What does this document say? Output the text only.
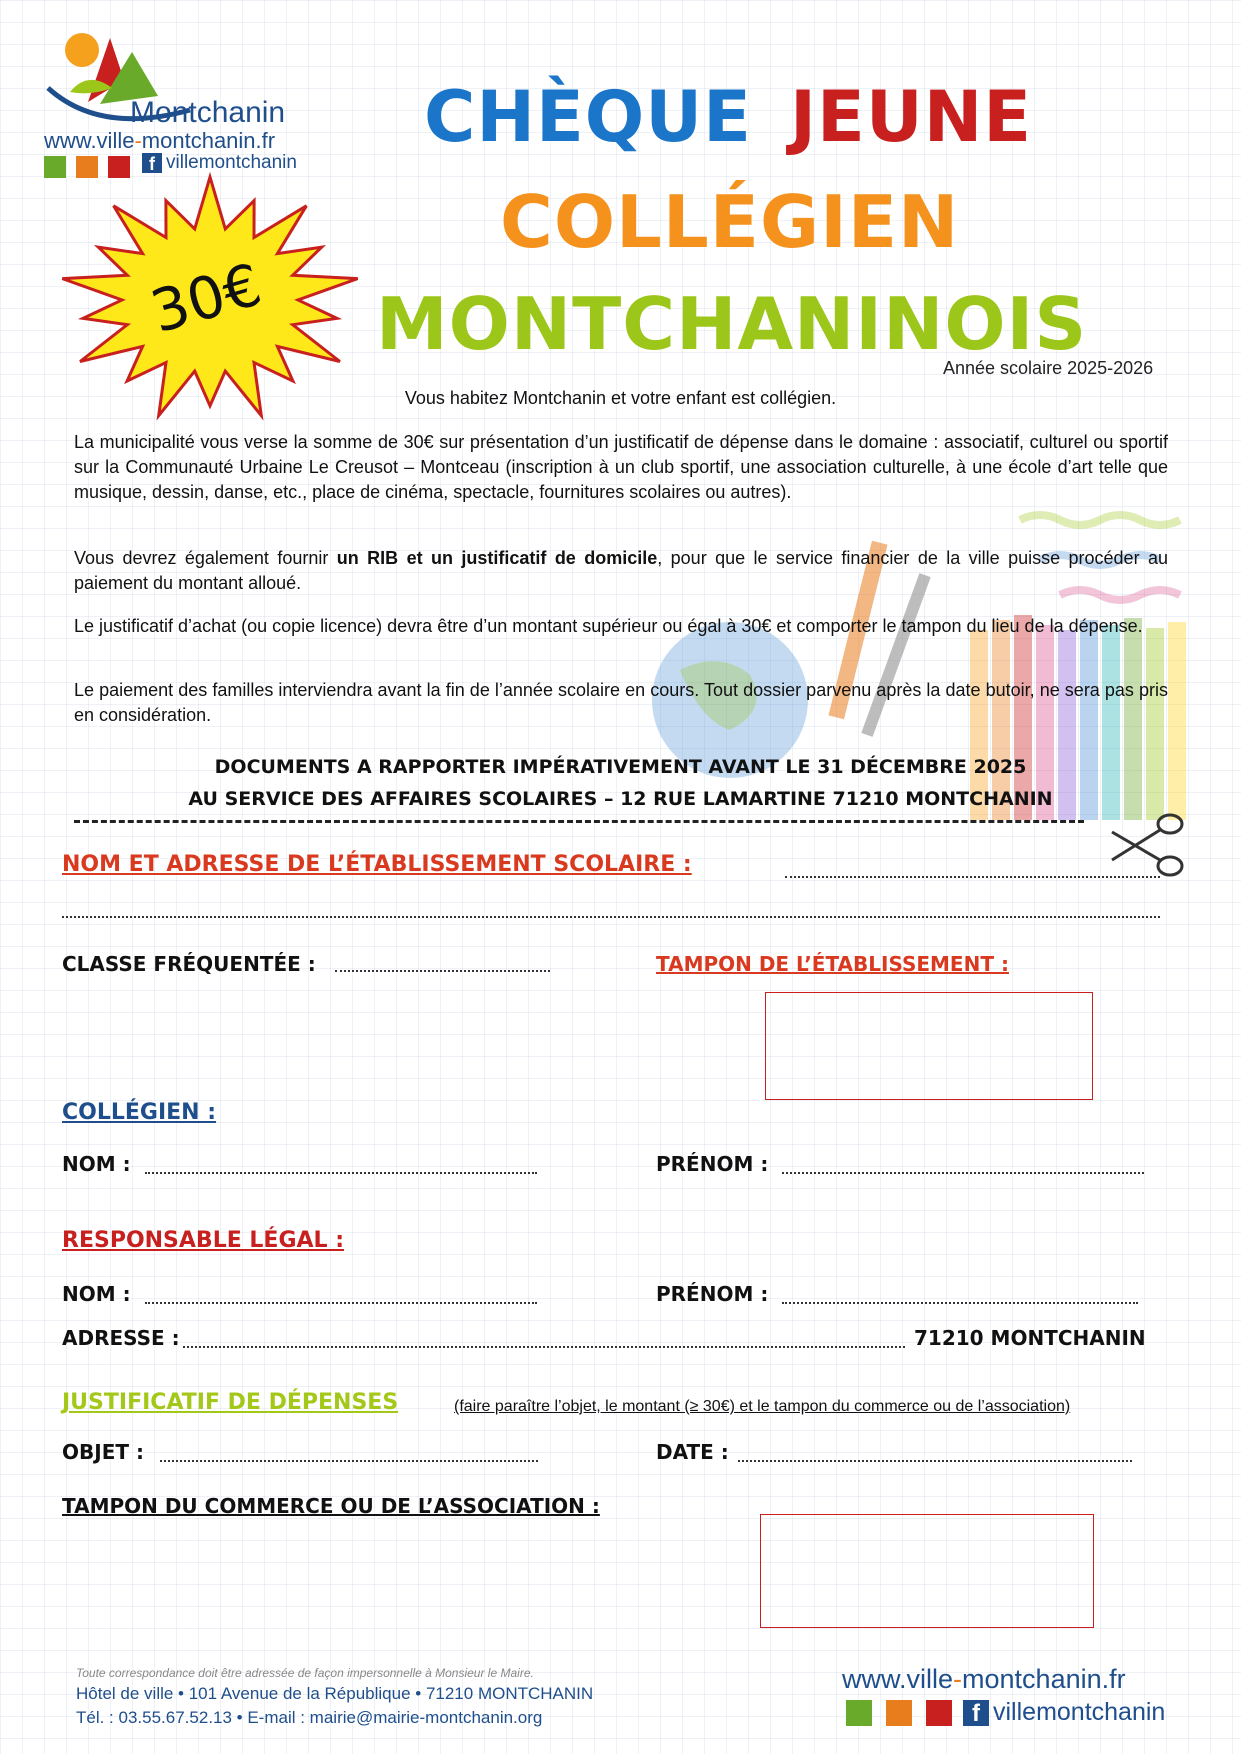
Montchanin
www.ville-montchanin.fr
f villemontchanin
CHÈQUE JEUNE
COLLÉGIEN
MONTCHANINOIS
Année scolaire 2025-2026
30€
Vous habitez Montchanin et votre enfant est collégien.
La municipalité vous verse la somme de 30€ sur présentation d’un justificatif de dépense dans le domaine : associatif, culturel ou sportif sur la Communauté Urbaine Le Creusot – Montceau (inscription à un club sportif, une association culturelle, à une école d’art telle que musique, dessin, danse, etc., place de cinéma, spectacle, fournitures scolaires ou autres).
Vous devrez également fournir un RIB et un justificatif de domicile, pour que le service financier de la ville puisse procéder au paiement du montant alloué.
Le justificatif d’achat (ou copie licence) devra être d’un montant supérieur ou égal à 30€ et comporter le tampon du lieu de la dépense.
Le paiement des familles interviendra avant la fin de l’année scolaire en cours. Tout dossier parvenu après la date butoir, ne sera pas pris en considération.
DOCUMENTS A RAPPORTER IMPÉRATIVEMENT AVANT LE 31 DÉCEMBRE 2025
AU SERVICE DES AFFAIRES SCOLAIRES – 12 RUE LAMARTINE 71210 MONTCHANIN
NOM ET ADRESSE DE L’ÉTABLISSEMENT SCOLAIRE :
CLASSE FRÉQUENTÉE :	TAMPON DE L’ÉTABLISSEMENT :
COLLÉGIEN :
NOM :	PRÉNOM :
RESPONSABLE LÉGAL :
NOM :	PRÉNOM :
ADRESSE :	71210 MONTCHANIN
JUSTIFICATIF DE DÉPENSES	(faire paraître l’objet, le montant (≥ 30€) et le tampon du commerce ou de l’association)
OBJET :	DATE :
TAMPON DU COMMERCE OU DE L’ASSOCIATION :
Toute correspondance doit être adressée de façon impersonnelle à Monsieur le Maire.
Hôtel de ville • 101 Avenue de la République • 71210 MONTCHANIN
Tél. : 03.55.67.52.13 • E-mail : mairie@mairie-montchanin.org
www.ville-montchanin.fr
f villemontchanin
